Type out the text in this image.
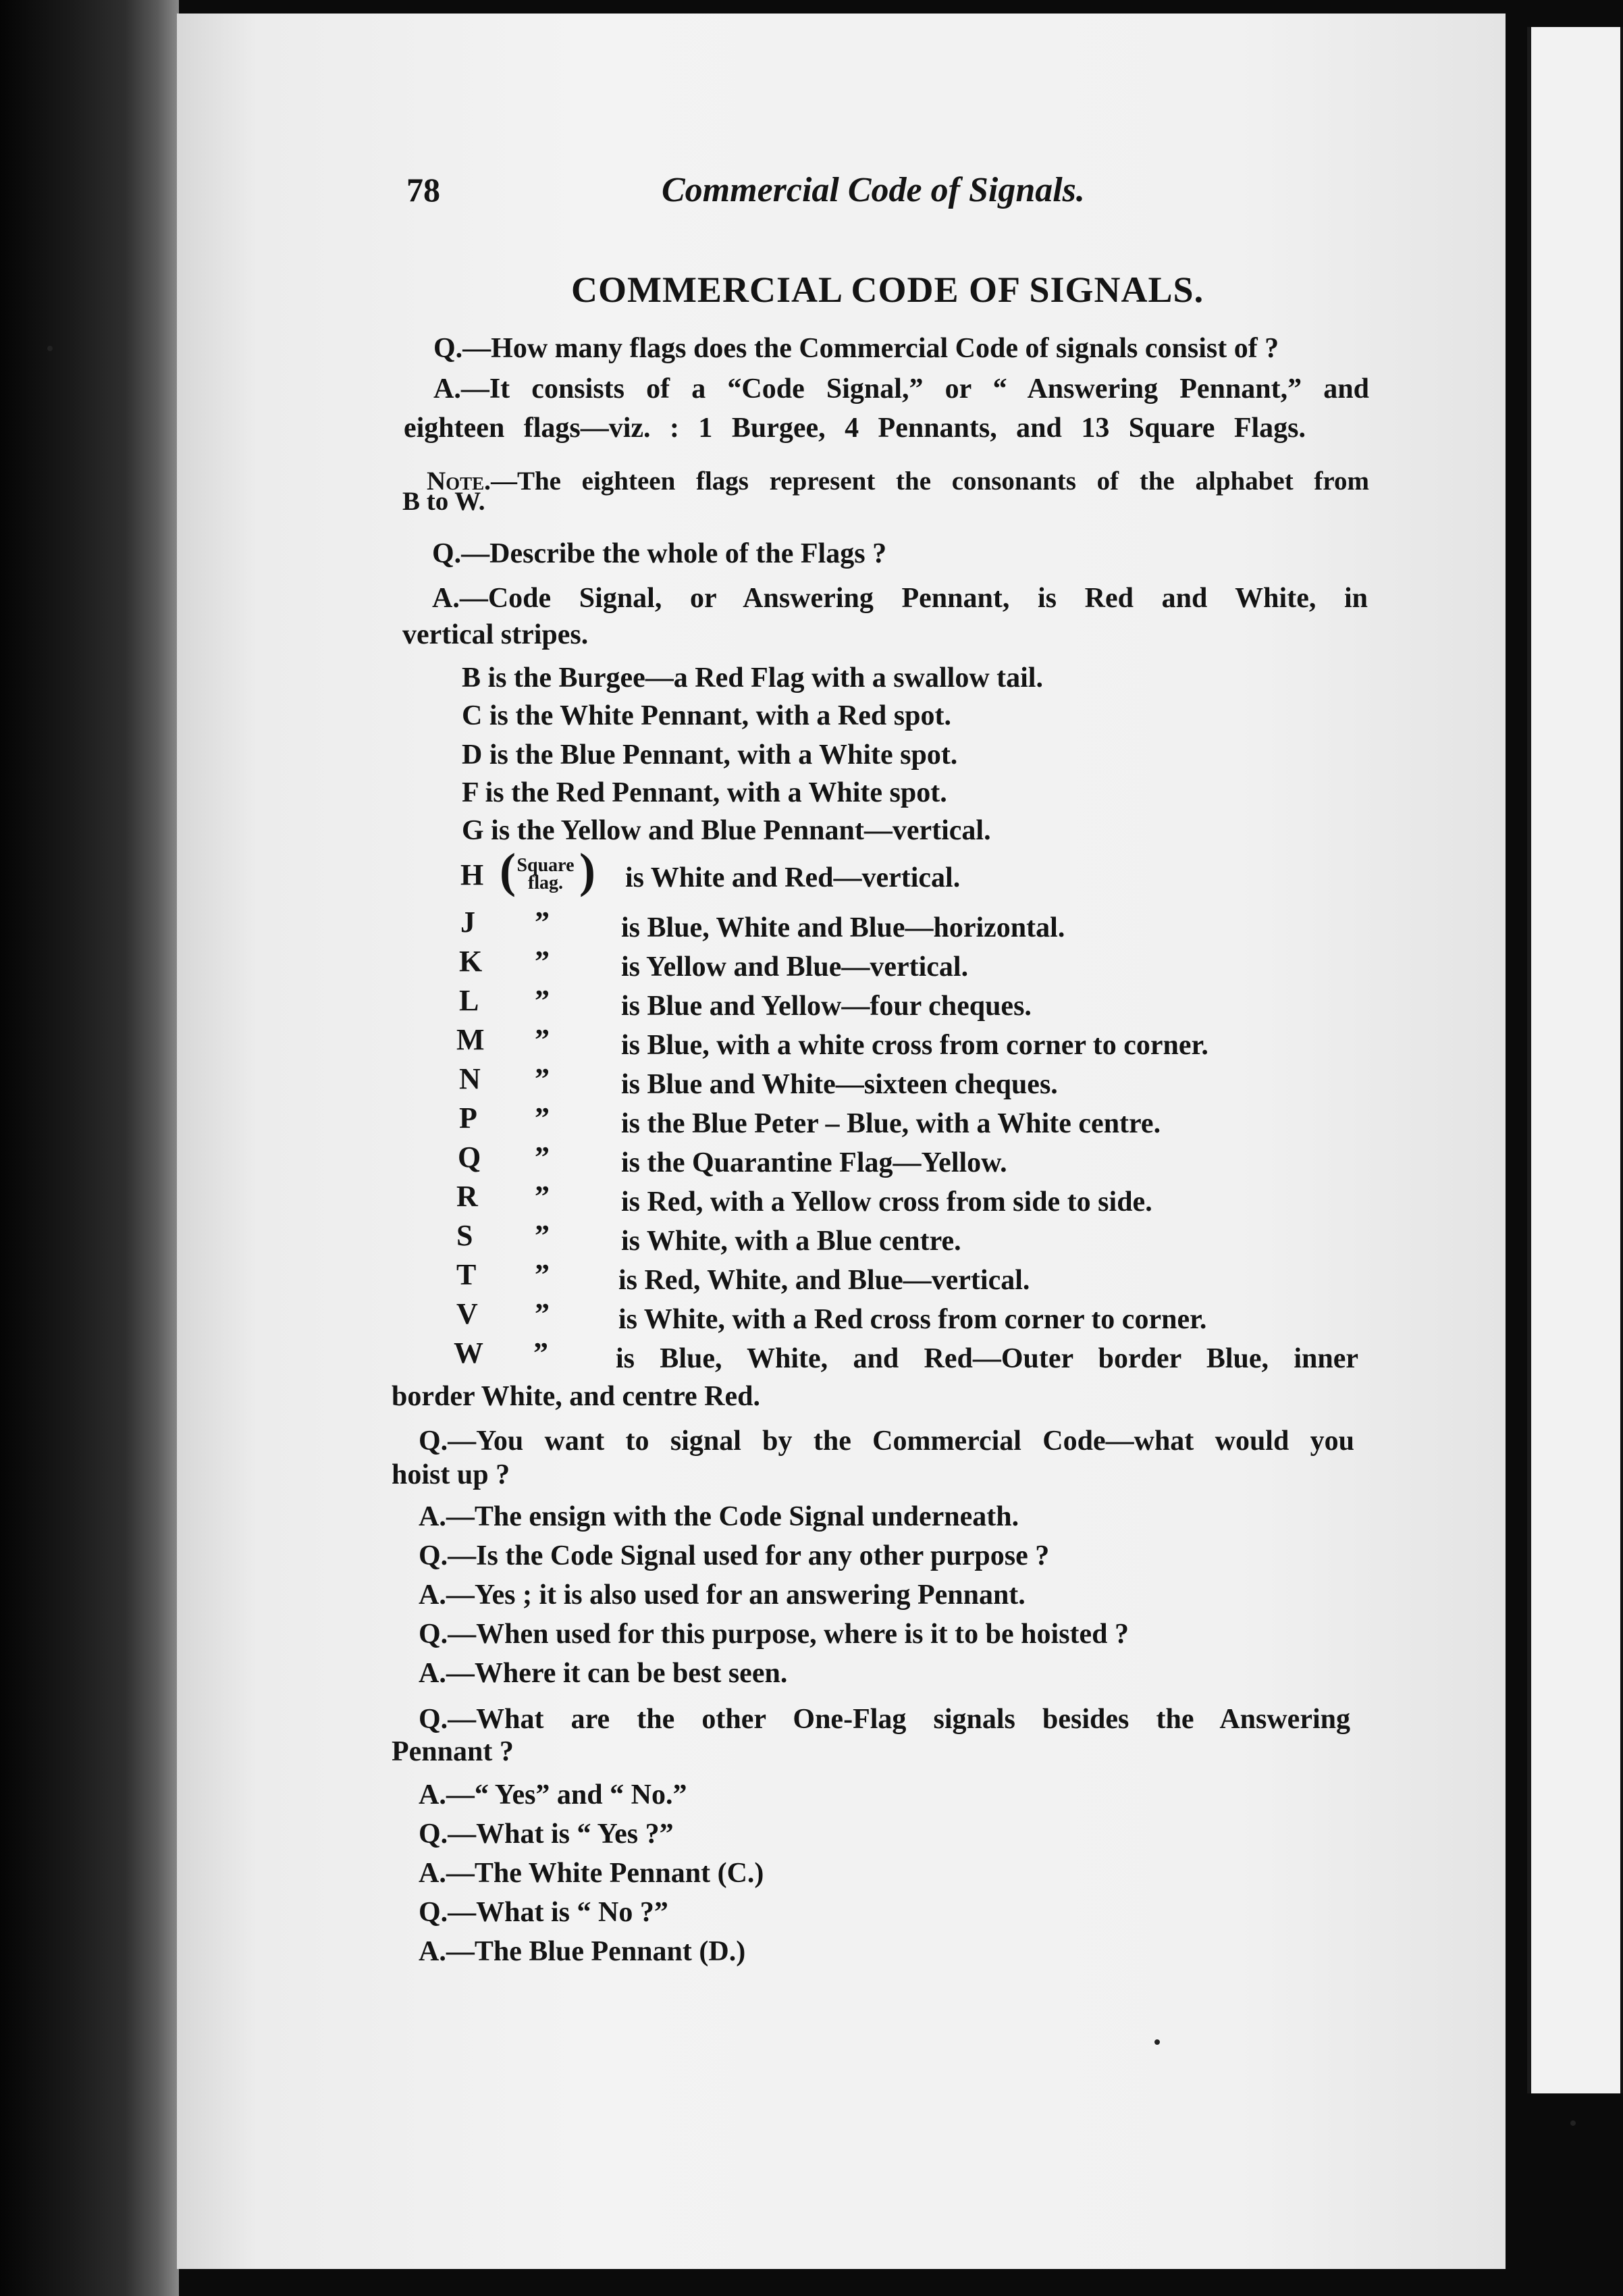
78	Commercial Code of Signals.
COMMERCIAL CODE OF SIGNALS.
Q.—How many flags does the Commercial Code of signals consist of ?
A.—It consists of a “Code Signal,” or “ Answering Pennant,” and
eighteen flags—viz. : 1 Burgee, 4 Pennants, and 13 Square Flags.
Note.—The eighteen flags represent the consonants of the alphabet from
B to W.
Q.—Describe the whole of the Flags ?
A.—Code Signal, or Answering Pennant, is Red and White, in
vertical stripes.
B is the Burgee—a Red Flag with a swallow tail.
C is the White Pennant, with a Red spot.
D is the Blue Pennant, with a White spot.
F is the Red Pennant, with a White spot.
G is the Yellow and Blue Pennant—vertical.
H ( Square
flag. ) is White and Red—vertical.
J ”	is Blue, White and Blue—horizontal.
K ”	is Yellow and Blue—vertical.
L ”	is Blue and Yellow—four cheques.
M ”	is Blue, with a white cross from corner to corner.
N ”	is Blue and White—sixteen cheques.
P ”	is the Blue Peter – Blue, with a White centre.
Q ”	is the Quarantine Flag—Yellow.
R ”	is Red, with a Yellow cross from side to side.
S ”	is White, with a Blue centre.
T ” is Red, White, and Blue—vertical.
V ” is White, with a Red cross from corner to corner.
W ” is Blue, White, and Red—Outer border Blue, inner
border White, and centre Red.
Q.—You want to signal by the Commercial Code—what would you
hoist up ?
A.—The ensign with the Code Signal underneath.
Q.—Is the Code Signal used for any other purpose ?
A.—Yes ; it is also used for an answering Pennant.
Q.—When used for this purpose, where is it to be hoisted ?
A.—Where it can be best seen.
Q.—What are the other One-Flag signals besides the Answering
Pennant ?
A.—“ Yes” and “ No.”
Q.—What is “ Yes ?”
A.—The White Pennant (C.)
Q.—What is “ No ?”
A.—The Blue Pennant (D.)
